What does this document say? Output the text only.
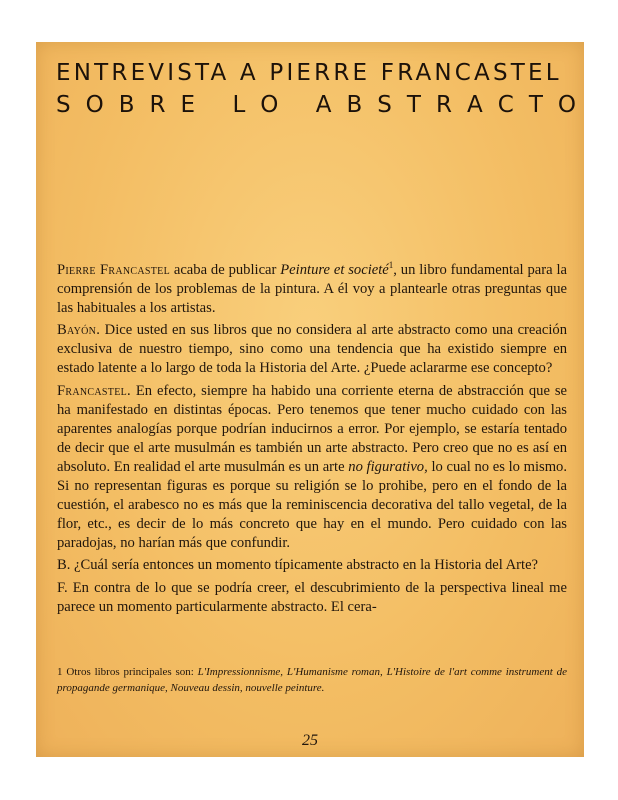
ENTREVISTA A PIERRE FRANCASTEL
S O B R E
L O
A B S T R A C T O

Pierre Francastel acaba de publicar Peinture et societé$^1$, un libro fundamental para la comprensión de los problemas de la pintura. A él voy a plantearle otras preguntas que las habituales a los artistas.

Bayón. Dice usted en sus libros que no considera al arte abstracto como una creación exclusiva de nuestro tiempo, sino como una tendencia que ha existido siempre en estado latente a lo largo de toda la Historia del Arte. ¿Puede aclararme ese concepto?

Francastel. En efecto, siempre ha habido una corriente eterna de abstracción que se ha manifestado en distintas épocas. Pero tenemos que tener mucho cuidado con las aparentes analogías porque podrían inducirnos a error. Por ejemplo, se estaría tentado de decir que el arte musulmán es también un arte abstracto. Pero creo que no es así en absoluto. En realidad el arte musulmán es un arte no figurativo, lo cual no es lo mismo. Si no representan figuras es porque su religión se lo prohibe, pero en el fondo de la cuestión, el arabesco no es más que la reminiscencia decorativa del tallo vegetal, de la flor, etc., es decir de lo más concreto que hay en el mundo. Pero cuidado con las paradojas, no harían más que confundir.

B. ¿Cuál sería entonces un momento típicamente abstracto en la Historia del Arte?

F. En contra de lo que se podría creer, el descubrimiento de la perspectiva lineal me parece un momento particularmente abstracto. El cera-

1 Otros libros principales son: L'Impressionnisme, L'Humanisme roman, L'Histoire de l'art comme instrument de propagande germanique, Nouveau dessin, nouvelle peinture.
25
